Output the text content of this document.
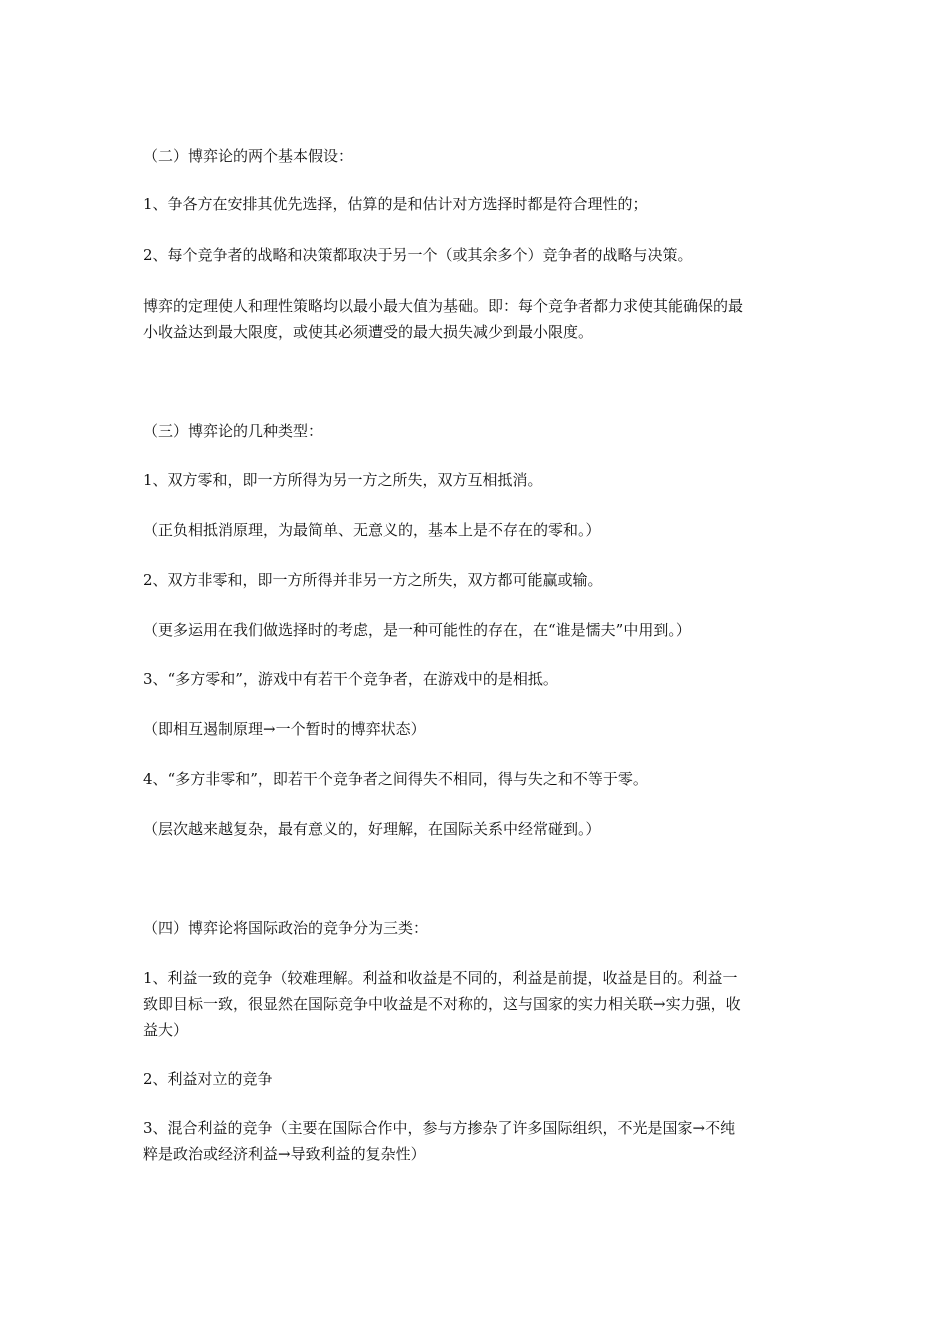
（二）博弈论的两个基本假设：

1、争各方在安排其优先选择，估算的是和估计对方选择时都是符合理性的；

2、每个竞争者的战略和决策都取决于另一个（或其余多个）竞争者的战略与决策。

博弈的定理使人和理性策略均以最小最大值为基础。即：每个竞争者都力求使其能确保的最

小收益达到最大限度，或使其必须遭受的最大损失减少到最小限度。

（三）博弈论的几种类型：

1、双方零和，即一方所得为另一方之所失，双方互相抵消。

（正负相抵消原理，为最简单、无意义的，基本上是不存在的零和。）

2、双方非零和，即一方所得并非另一方之所失，双方都可能赢或输。

（更多运用在我们做选择时的考虑，是一种可能性的存在，在“谁是懦夫”中用到。）

3、“多方零和”，游戏中有若干个竞争者，在游戏中的是相抵。

（即相互遏制原理→一个暂时的博弈状态）

4、“多方非零和”，即若干个竞争者之间得失不相同，得与失之和不等于零。

（层次越来越复杂，最有意义的，好理解，在国际关系中经常碰到。）

（四）博弈论将国际政治的竞争分为三类：

1、利益一致的竞争（较难理解。利益和收益是不同的，利益是前提，收益是目的。利益一

致即目标一致，很显然在国际竞争中收益是不对称的，这与国家的实力相关联→实力强，收

益大）

2、利益对立的竞争

3、混合利益的竞争（主要在国际合作中，参与方掺杂了许多国际组织，不光是国家→不纯

粹是政治或经济利益→导致利益的复杂性）
